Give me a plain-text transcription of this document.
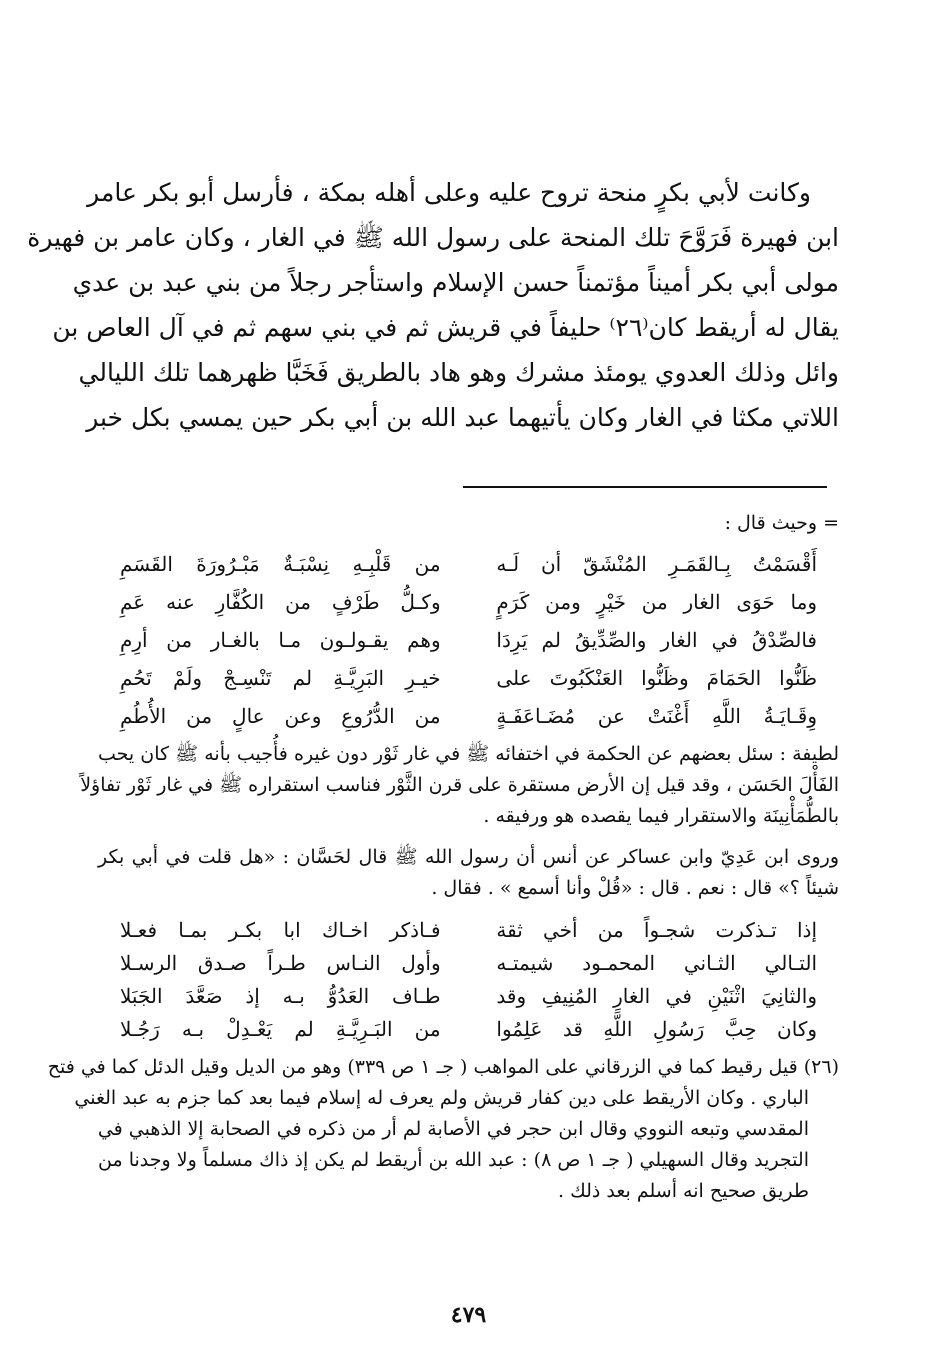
وكانت لأبي بكرٍ منحة تروح عليه وعلى أهله بمكة ، فأرسل أبو بكر عامر
ابن فهيرة فَرَوَّحَ تلك المنحة على رسول الله ﷺ في الغار ، وكان عامر بن فهيرة
مولى أبي بكر أميناً مؤتمناً حسن الإسلام واستأجر رجلاً من بني عبد بن عدي
يقال له أريقط كان⁽٢٦⁾ حليفاً في قريش ثم في بني سهم ثم في آل العاص بن
وائل وذلك العدوي يومئذ مشرك وهو هاد بالطريق فَخَبَّا ظهرهما تلك الليالي
اللاتي مكثا في الغار وكان يأتيهما عبد الله بن أبي بكر حين يمسي بكل خبر

= وحيث قال :

أَقْسَمْتُ بِـالقَمَـرِ المُنْشَقّ أن لَـه
من قَلْبِـهِ نِسْبَـةٌ مَبْـرُورَةَ القَسَمِ
وما حَوَى الغار من خَيْرٍ ومن كَرَمٍ
وكـلُّ طَرْفٍ من الكُفَّارِ عنه عَمِ
فالصِّدْقُ في الغار والصِّدِّيقُ لم يَرِدَا
وهم يقـولـون مـا بالغـار من أرِمِ
ظَنُّوا الحَمَامَ وظَنُّوا العَنْكَبُوتَ على
خيـرِ البَرِيَّـةِ لم تَنْسِـجْ ولَمْ تَحُمِ
وِقَـايَـةُ اللَّهِ أَغْنَتْ عن مُضَـاعَفَـةٍ
من الدُّرُوعِ وعن عالٍ من الأُطُمِ
لطيفة : سئل بعضهم عن الحكمة في اختفائه ﷺ في غار ثَوْر دون غيره فأُجيب بأنه ﷺ كان يحب
الفَأْلَ الحَسَن ، وقد قيل إن الأرض مستقرة على قرن الثَّوْر فناسب استقراره ﷺ في غار ثَوْر تفاؤلاً
بالطُّمَأْنِينَة والاستقرار فيما يقصده هو ورفيقه .
وروى ابن عَدِيّ وابن عساكر عن أنس أن رسول الله ﷺ قال لحَسَّان : «هل قلت في أبي بكر
شيئاً ؟» قال : نعم . قال : «قُلْ وأنا أسمع » . فقال .
إذا تـذكرت شجـواً من أخي ثقة
فـاذكر اخـاك ابا بكـر بمـا فعـلا
التـالي الثـاني المحمـود شيمتـه
وأول النـاس طـراً صـدق الرسـلا
والثانِيَ اثْنَيْنِ في الغارِ المُنِيفِ وقد
طـاف العَدُوُّ بـه إذ صَعَّدَ الجَبَلا
وكان حِبَّ رَسُولِ اللَّهِ قد عَلِمُوا
من البَـرِيَّـةِ لم يَعْـدِلْ بـه رَجُـلا
(٢٦) قيل رقيط كما في الزرقاني على المواهب ( جـ ١ ص ٣٣٩) وهو من الديل وقيل الدئل كما في فتح
الباري . وكان الأريقط على دين كفار قريش ولم يعرف له إسلام فيما بعد كما جزم به عبد الغني
المقدسي وتبعه النووي وقال ابن حجر في الأصابة لم أر من ذكره في الصحابة إلا الذهبي في
التجريد وقال السهيلي ( جـ ١ ص ٨) : عبد الله بن أريقط لم يكن إذ ذاك مسلماً ولا وجدنا من
طريق صحيح انه أسلم بعد ذلك .
٤٧٩
